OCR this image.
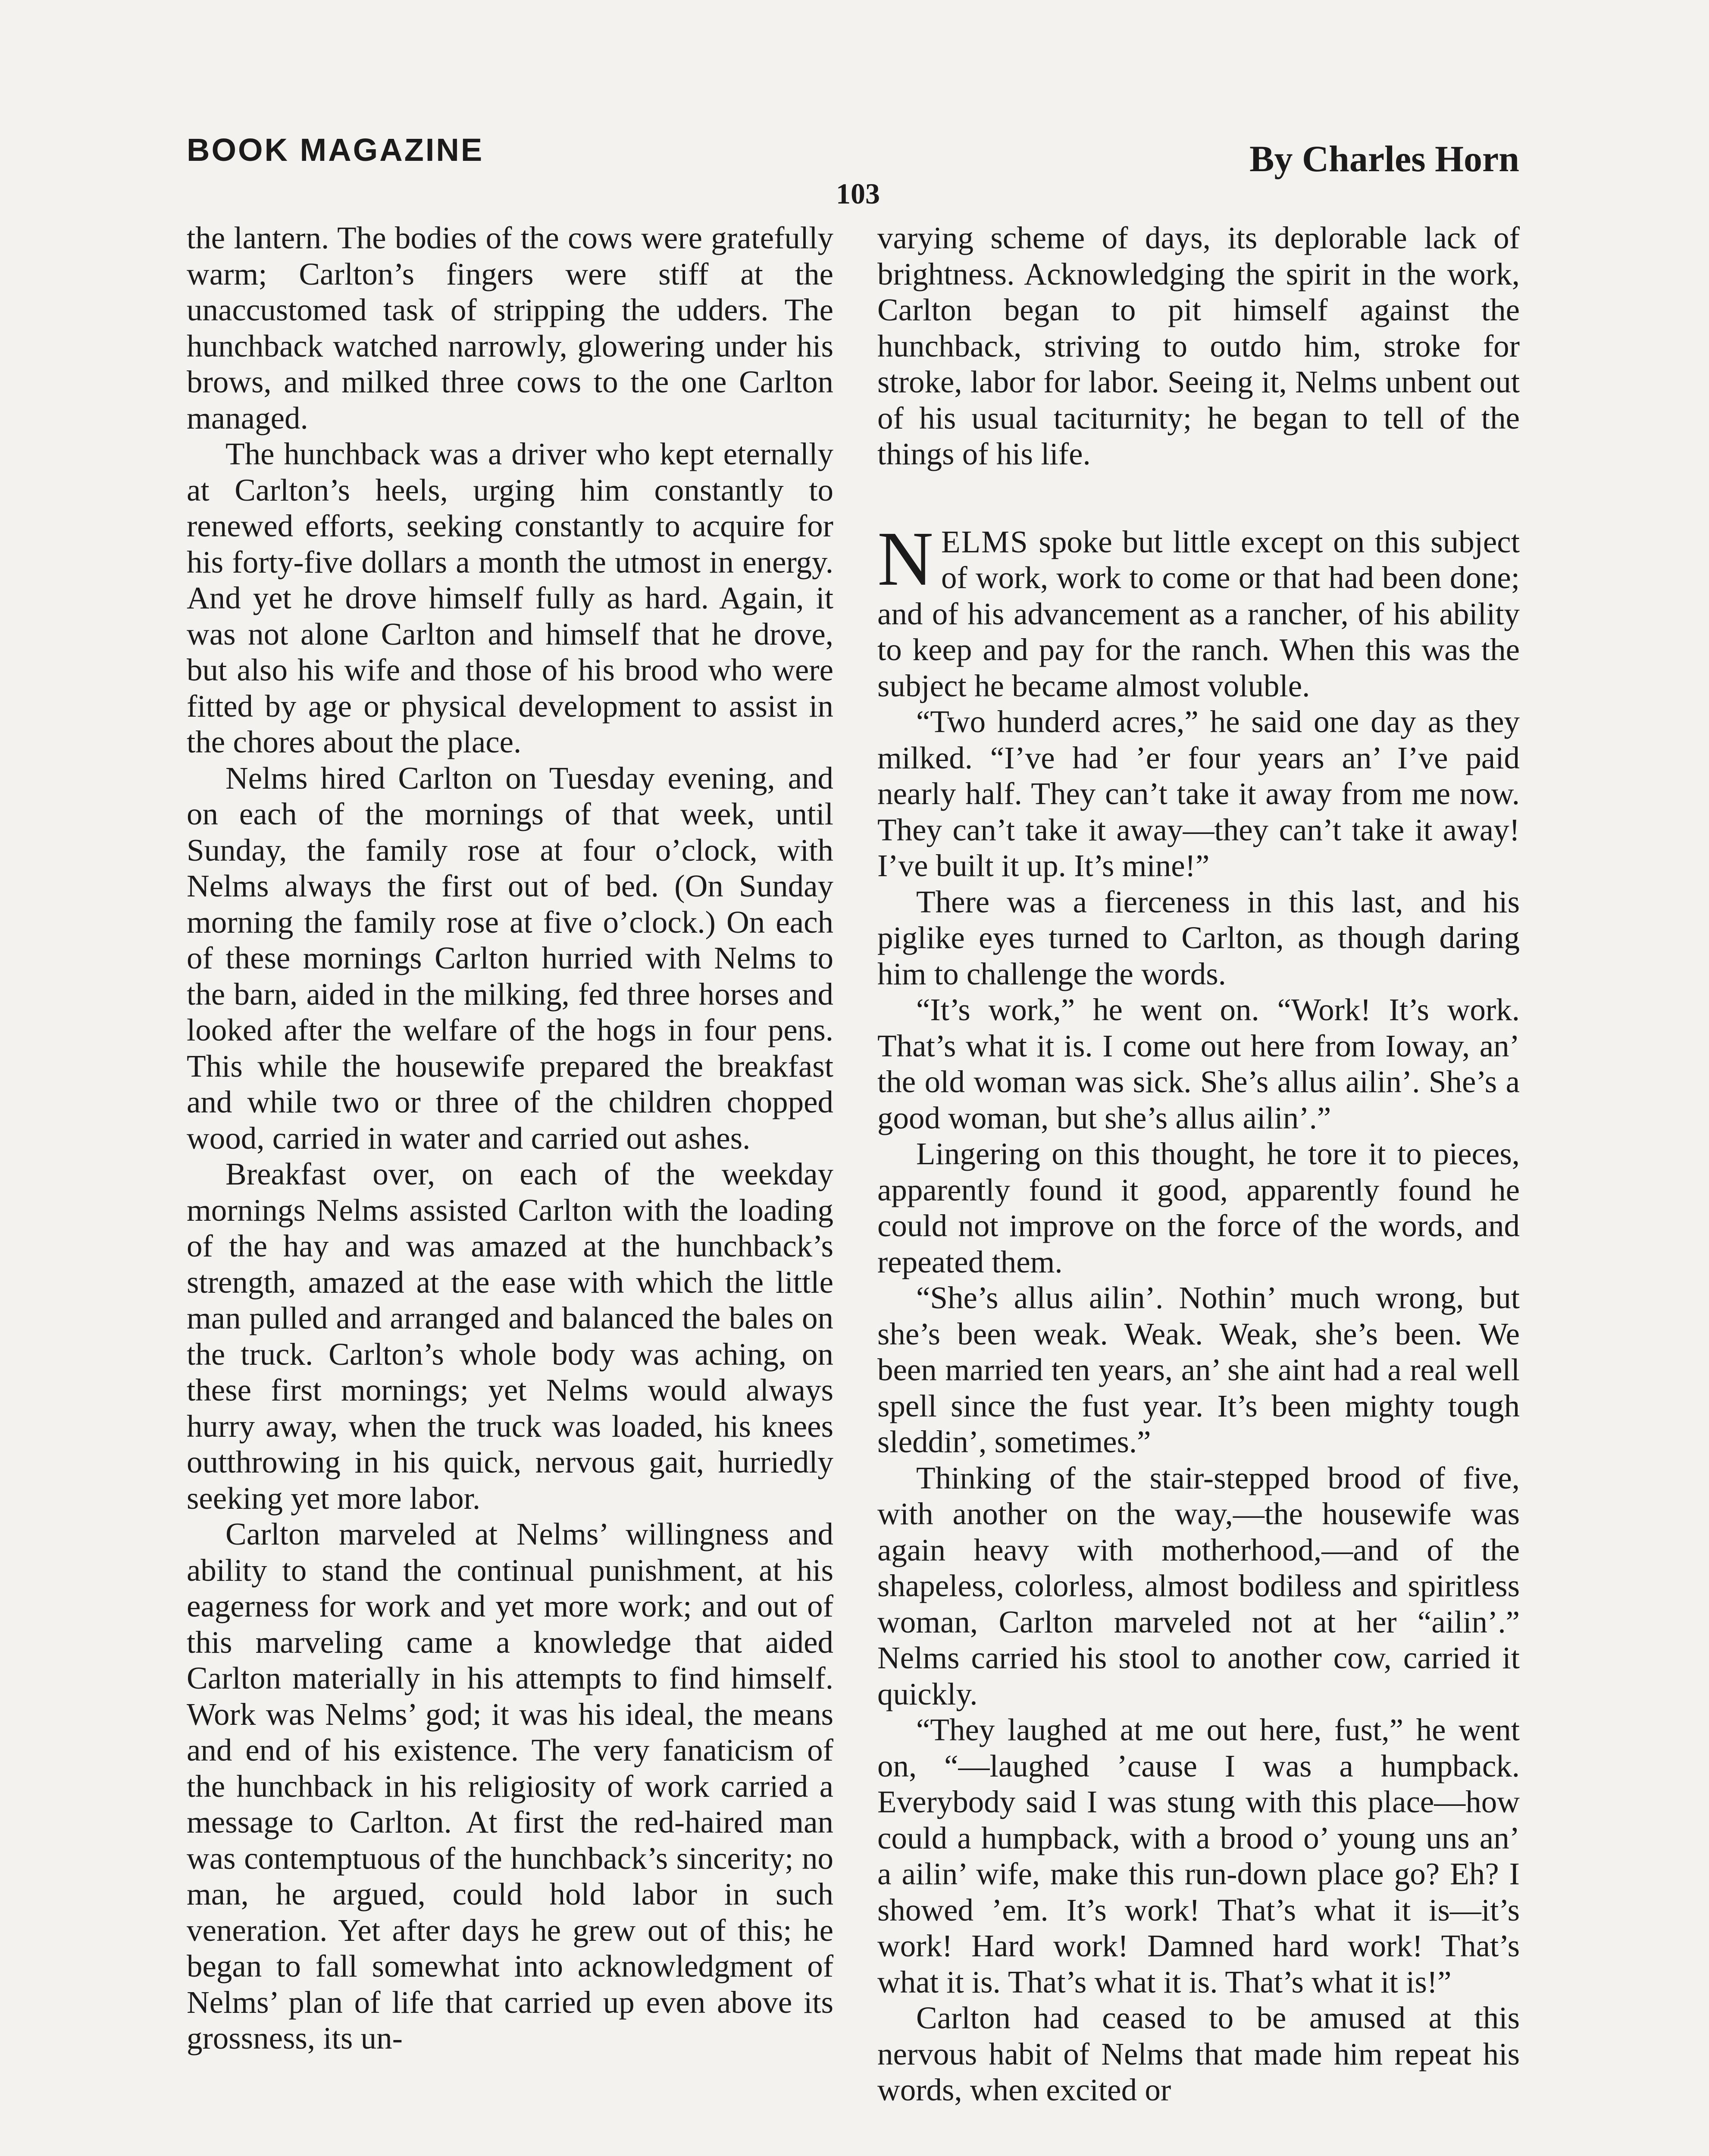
BOOK MAGAZINE	By Charles Horn
103

the lantern. The bodies of the cows were gratefully warm; Carlton’s fingers were stiff at the unaccustomed task of stripping the udders. The hunchback watched narrowly, glowering under his brows, and milked three cows to the one Carlton managed.

The hunchback was a driver who kept eternally at Carlton’s heels, urging him constantly to renewed efforts, seeking constantly to acquire for his forty-five dollars a month the utmost in energy. And yet he drove himself fully as hard. Again, it was not alone Carlton and himself that he drove, but also his wife and those of his brood who were fitted by age or physical development to assist in the chores about the place.

Nelms hired Carlton on Tuesday evening, and on each of the mornings of that week, until Sunday, the family rose at four o’clock, with Nelms always the first out of bed. (On Sunday morning the family rose at five o’clock.) On each of these mornings Carlton hurried with Nelms to the barn, aided in the milking, fed three horses and looked after the welfare of the hogs in four pens. This while the housewife prepared the breakfast and while two or three of the children chopped wood, carried in water and carried out ashes.

Breakfast over, on each of the weekday mornings Nelms assisted Carlton with the loading of the hay and was amazed at the hunchback’s strength, amazed at the ease with which the little man pulled and arranged and balanced the bales on the truck. Carlton’s whole body was aching, on these first mornings; yet Nelms would always hurry away, when the truck was loaded, his knees outthrowing in his quick, nervous gait, hurriedly seeking yet more labor.

Carlton marveled at Nelms’ willingness and ability to stand the continual punishment, at his eagerness for work and yet more work; and out of this marveling came a knowledge that aided Carlton materially in his attempts to find himself. Work was Nelms’ god; it was his ideal, the means and end of his existence. The very fanaticism of the hunchback in his religiosity of work carried a message to Carlton. At first the red-haired man was contemptuous of the hunchback’s sincerity; no man, he argued, could hold labor in such veneration. Yet after days he grew out of this; he began to fall somewhat into acknowledgment of Nelms’ plan of life that carried up even above its grossness, its un-

varying scheme of days, its deplorable lack of brightness. Acknowledging the spirit in the work, Carlton began to pit himself against the hunchback, striving to outdo him, stroke for stroke, labor for labor. Seeing it, Nelms unbent out of his usual taciturnity; he began to tell of the things of his life.

NELMS spoke but little except on this subject of work, work to come or that had been done; and of his advancement as a rancher, of his ability to keep and pay for the ranch. When this was the subject he became almost voluble.

“Two hunderd acres,” he said one day as they milked. “I’ve had ’er four years an’ I’ve paid nearly half. They can’t take it away from me now. They can’t take it away—they can’t take it away! I’ve built it up. It’s mine!”

There was a fierceness in this last, and his piglike eyes turned to Carlton, as though daring him to challenge the words.

“It’s work,” he went on. “Work! It’s work. That’s what it is. I come out here from Ioway, an’ the old woman was sick. She’s allus ailin’. She’s a good woman, but she’s allus ailin’.”

Lingering on this thought, he tore it to pieces, apparently found it good, apparently found he could not improve on the force of the words, and repeated them.

“She’s allus ailin’. Nothin’ much wrong, but she’s been weak. Weak. Weak, she’s been. We been married ten years, an’ she aint had a real well spell since the fust year. It’s been mighty tough sleddin’, sometimes.”

Thinking of the stair-stepped brood of five, with another on the way,—the housewife was again heavy with motherhood,—and of the shapeless, colorless, almost bodiless and spiritless woman, Carlton marveled not at her “ailin’.” Nelms carried his stool to another cow, carried it quickly.

“They laughed at me out here, fust,” he went on, “—laughed ’cause I was a humpback. Everybody said I was stung with this place—how could a humpback, with a brood o’ young uns an’ a ailin’ wife, make this run-down place go? Eh? I showed ’em. It’s work! That’s what it is—it’s work! Hard work! Damned hard work! That’s what it is. That’s what it is. That’s what it is!”

Carlton had ceased to be amused at this nervous habit of Nelms that made him repeat his words, when excited or
